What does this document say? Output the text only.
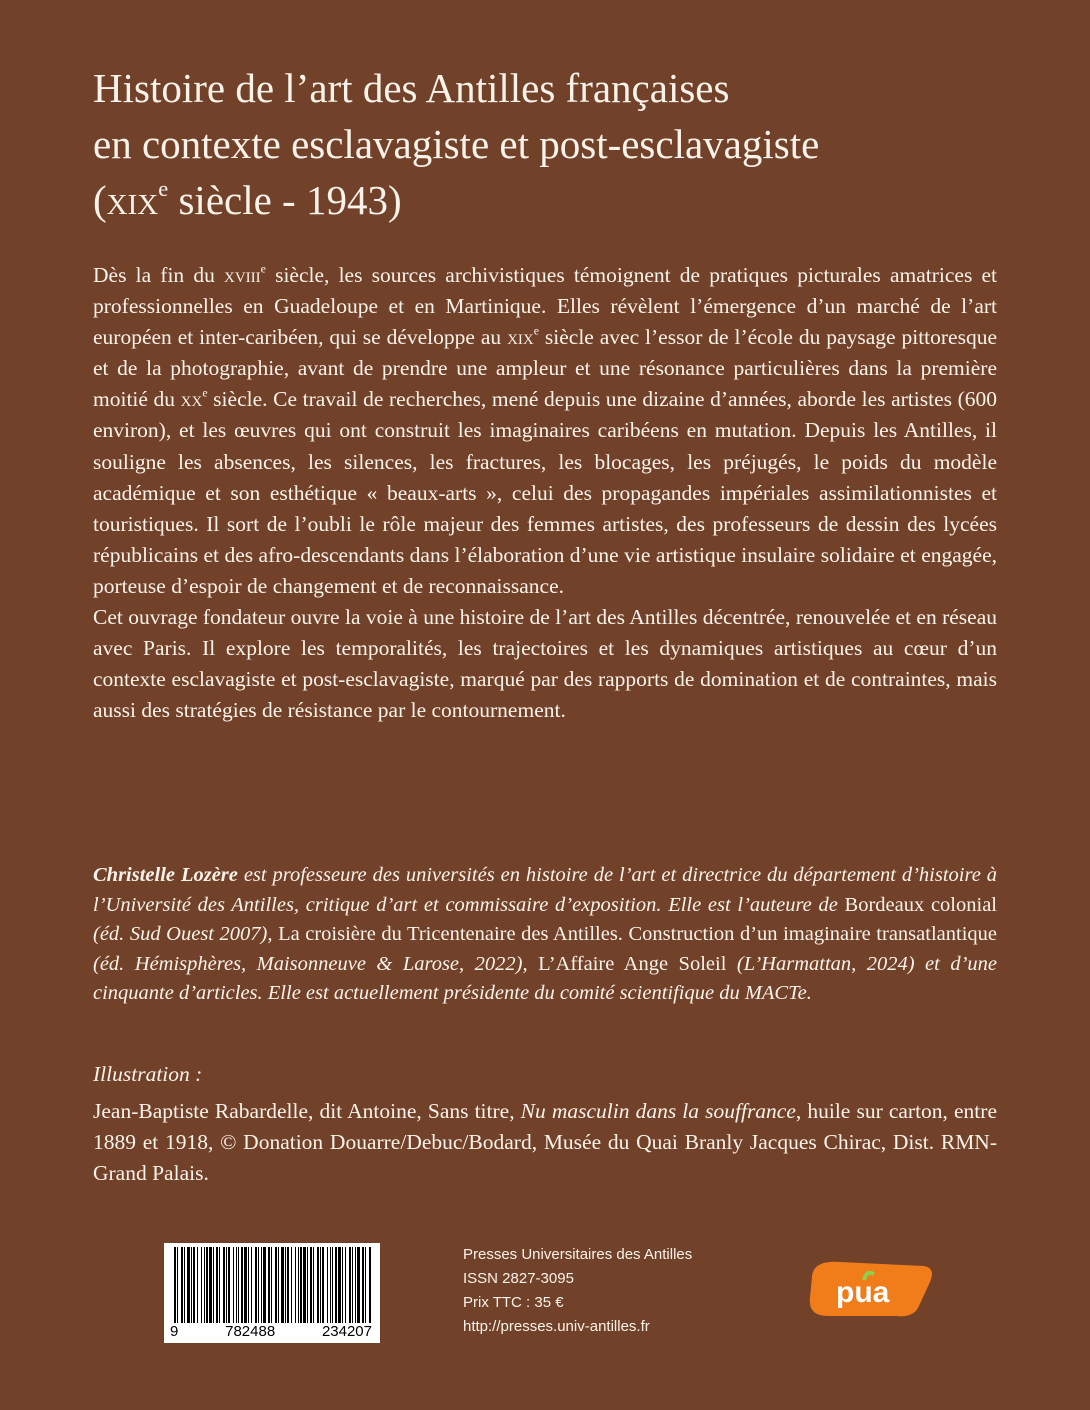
Histoire de l’art des Antilles françaises
en contexte esclavagiste et post-esclavagiste
(xix$^e$ siècle - 1943)

Dès la fin du xviii$^e$ siècle, les sources archivistiques témoignent de pratiques picturales amatrices et professionnelles en Guadeloupe et en Martinique. Elles révèlent l’émergence d’un marché de l’art européen et inter-caribéen, qui se développe au xix$^e$ siècle avec l’essor de l’école du paysage pittoresque et de la photographie, avant de prendre une ampleur et une résonance particulières dans la première moitié du $xx^e$ siècle. Ce travail de recherches, mené depuis une dizaine d’années, aborde les artistes (600 environ), et les œuvres qui ont construit les imaginaires caribéens en mutation. Depuis les Antilles, il souligne les absences, les silences, les fractures, les blocages, les préjugés, le poids du modèle académique et son esthétique « beaux-arts », celui des propagandes impériales assimilationnistes et touristiques. Il sort de l’oubli le rôle majeur des femmes artistes, des professeurs de dessin des lycées républicains et des afro-descendants dans l’élaboration d’une vie artistique insulaire solidaire et engagée, porteuse d’espoir de changement et de reconnaissance.

Cet ouvrage fondateur ouvre la voie à une histoire de l’art des Antilles décentrée, renouvelée et en réseau avec Paris. Il explore les temporalités, les trajectoires et les dynamiques artistiques au cœur d’un contexte esclavagiste et post-esclavagiste, marqué par des rapports de domination et de contraintes, mais aussi des stratégies de résistance par le contournement.

Christelle Lozère est professeure des universités en histoire de l’art et directrice du département d’histoire à l’Université des Antilles, critique d’art et commissaire d’exposition. Elle est l’auteure de Bordeaux colonial (éd. Sud Ouest 2007), La croisière du Tricentenaire des Antilles. Construction d’un imaginaire transatlantique (éd. Hémisphères, Maisonneuve & Larose, 2022), L’Affaire Ange Soleil (L’Harmattan, 2024) et d’une cinquante d’articles. Elle est actuellement présidente du comité scientifique du MACTe.
Illustration :
Jean-Baptiste Rabardelle, dit Antoine, Sans titre, Nu masculin dans la souffrance, huile sur carton, entre 1889 et 1918, © Donation Douarre/Debuc/Bodard, Musée du Quai Branly Jacques Chirac, Dist. RMN-Grand Palais.
9	782488	234207
Presses Universitaires des Antilles
ISSN 2827-3095
Prix TTC : 35 €
http://presses.univ-antilles.fr
pua
